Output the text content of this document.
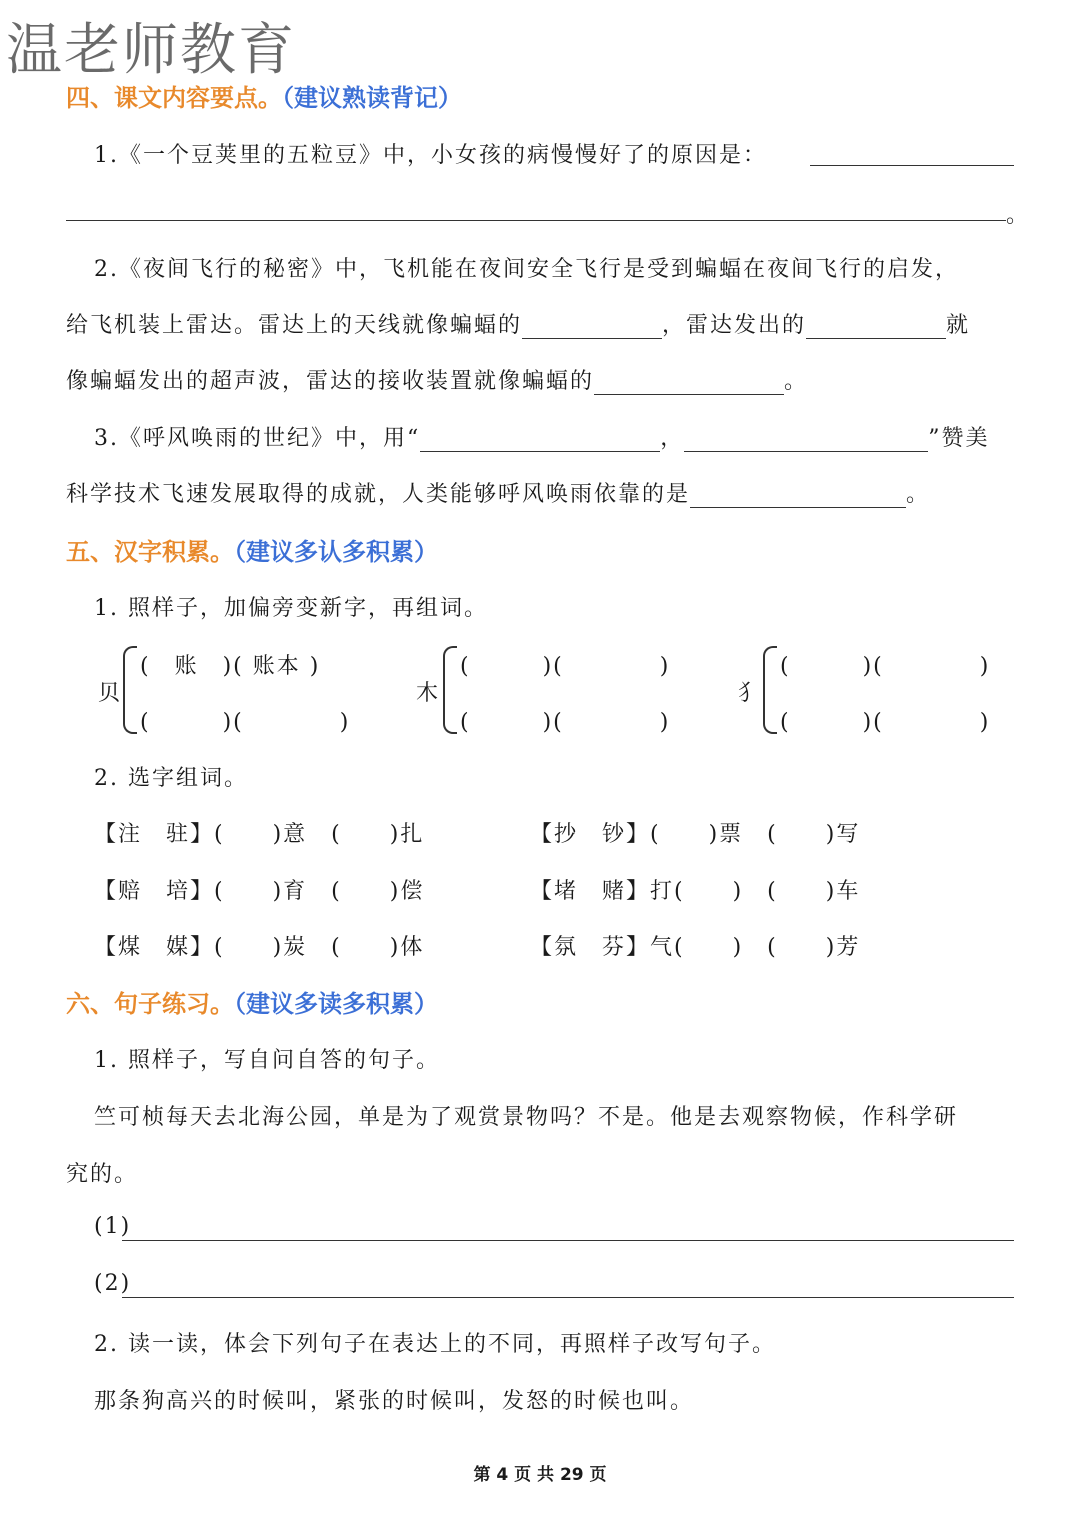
温老师教育
四、课文内容要点。（建议熟读背记）
1.《一个豆荚里的五粒豆》中，小女孩的病慢慢好了的原因是：
。
2.《夜间飞行的秘密》中，飞机能在夜间安全飞行是受到蝙蝠在夜间飞行的启发，
给飞机装上雷达。雷达上的天线就像蝙蝠的	，雷达发出的	就
像蝙蝠发出的超声波，雷达的接收装置就像蝙蝠的	。
3.《呼风唤雨的世纪》中，用“	，	”赞美
科学技术飞速发展取得的成就，人类能够呼风唤雨依靠的是	。
五、汉字积累。（建议多认多积累）
1. 照样子，加偏旁变新字，再组词。
贝
(　账　)( 账本 )
(　　　)(　　　　)
木
(　　　)(　　　　)
(　　　)(　　　　)
犭
(　　　)(　　　　)
(　　　)(　　　　)
2. 选字组词。
【注　驻】(　　)意　(　　)扎	【抄　钞】(　　)票　(　　)写
【赔　培】(　　)育　(　　)偿	【堵　赌】打(　　)　(　　)车
【煤　媒】(　　)炭　(　　)体	【氛　芬】气(　　)　(　　)芳
六、句子练习。（建议多读多积累）
1. 照样子，写自问自答的句子。
竺可桢每天去北海公园，单是为了观赏景物吗？不是。他是去观察物候，作科学研
究的。
(1)
(2)
2. 读一读，体会下列句子在表达上的不同，再照样子改写句子。
那条狗高兴的时候叫，紧张的时候叫，发怒的时候也叫。
第 4 页 共 29 页
